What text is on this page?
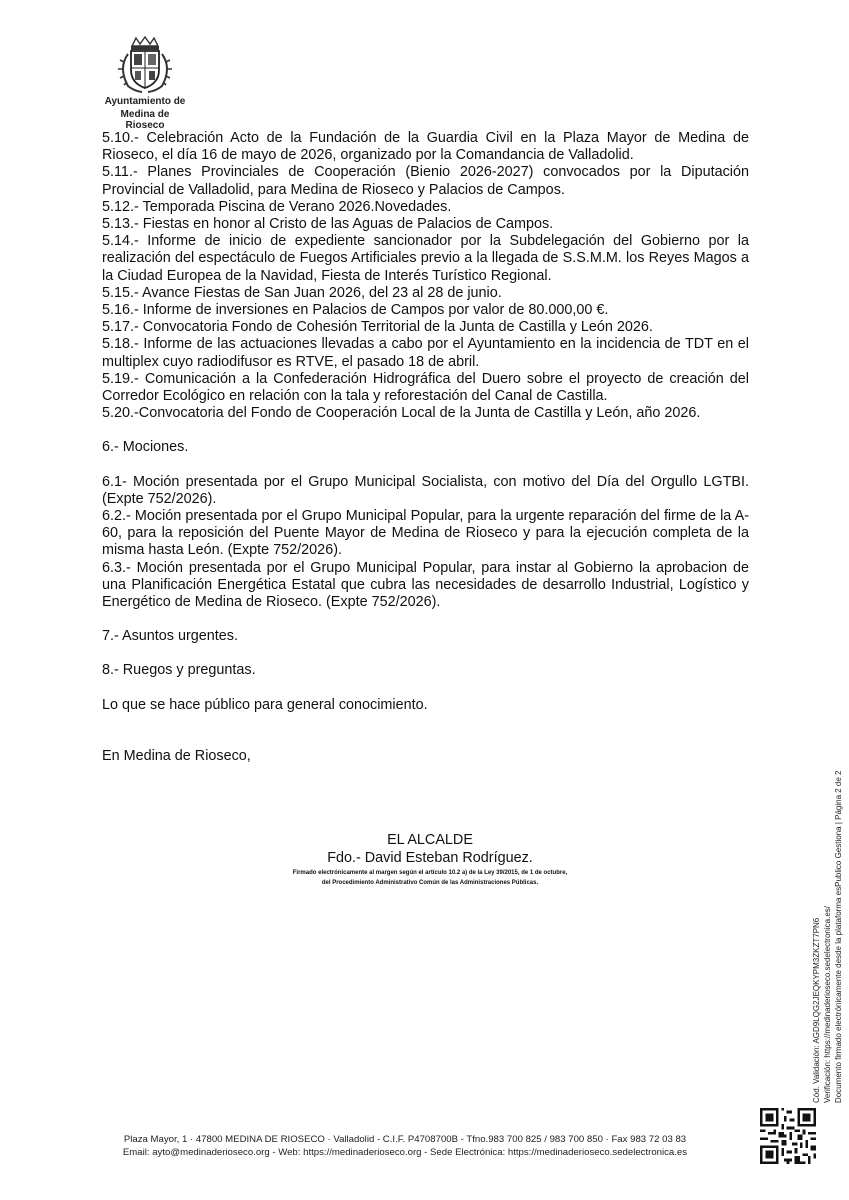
Ayuntamiento de
Medina de Rioseco

5.10.- Celebración Acto de la Fundación de la Guardia Civil en la Plaza Mayor de Medina de Rioseco, el día 16 de mayo de 2026, organizado por la Comandancia de Valladolid.

5.11.- Planes Provinciales de Cooperación (Bienio 2026-2027) convocados por la Diputación Provincial de Valladolid, para Medina de Rioseco y Palacios de Campos.

5.12.- Temporada Piscina de Verano 2026.Novedades.

5.13.- Fiestas en honor al Cristo de las Aguas de Palacios de Campos.

5.14.- Informe de inicio de expediente sancionador por la Subdelegación del Gobierno por la realización del espectáculo de Fuegos Artificiales previo a la llegada de S.S.M.M. los Reyes Magos a la Ciudad Europea de la Navidad, Fiesta de Interés Turístico Regional.

5.15.- Avance Fiestas de San Juan 2026, del 23 al 28 de junio.

5.16.- Informe de inversiones en Palacios de Campos por valor de 80.000,00 €.

5.17.- Convocatoria Fondo de Cohesión Territorial de la Junta de Castilla y León 2026.

5.18.- Informe de las actuaciones llevadas a cabo por el Ayuntamiento en la incidencia de TDT en el multiplex cuyo radiodifusor es RTVE, el pasado 18 de abril.

5.19.- Comunicación a la Confederación Hidrográfica del Duero sobre el proyecto de creación del Corredor Ecológico en relación con la tala y reforestación del Canal de Castilla.

5.20.-Convocatoria del Fondo de Cooperación Local de la Junta de Castilla y León, año 2026.

6.- Mociones.

6.1- Moción presentada por el Grupo Municipal Socialista, con motivo del Día del Orgullo LGTBI. (Expte 752/2026).

6.2.- Moción presentada por el Grupo Municipal Popular, para la urgente reparación del firme de la A-60, para la reposición del Puente Mayor de Medina de Rioseco y para la ejecución completa de la misma hasta León. (Expte 752/2026).

6.3.- Moción presentada por el Grupo Municipal Popular, para instar al Gobierno la aprobacion de una Planificación Energética Estatal que cubra las necesidades de desarrollo Industrial, Logístico y Energético de Medina de Rioseco. (Expte 752/2026).

7.- Asuntos urgentes.

8.- Ruegos y preguntas.

Lo que se hace público para general conocimiento.

En Medina de Rioseco,

EL ALCALDE
Fdo.- David Esteban Rodríguez.
Firmado electrónicamente al margen según el artículo 10.2 a) de la Ley 39/2015, de 1 de octubre,
del Procedimiento Administrativo Común de las Administraciones Públicas.
Cód. Validación: AGD9LQG2JEQKYPM3ZKZT7PN6 Verificación: https://medinaderioseco.sedelectronica.es/ Documento firmado electrónicamente desde la plataforma esPublico Gestiona | Página 2 de 2
Plaza Mayor, 1 · 47800 MEDINA DE RIOSECO · Valladolid - C.I.F. P4708700B - Tfno.983 700 825 / 983 700 850 · Fax 983 72 03 83
Email: ayto@medinaderioseco.org - Web: https://medinaderioseco.org - Sede Electrónica: https://medinaderioseco.sedelectronica.es
